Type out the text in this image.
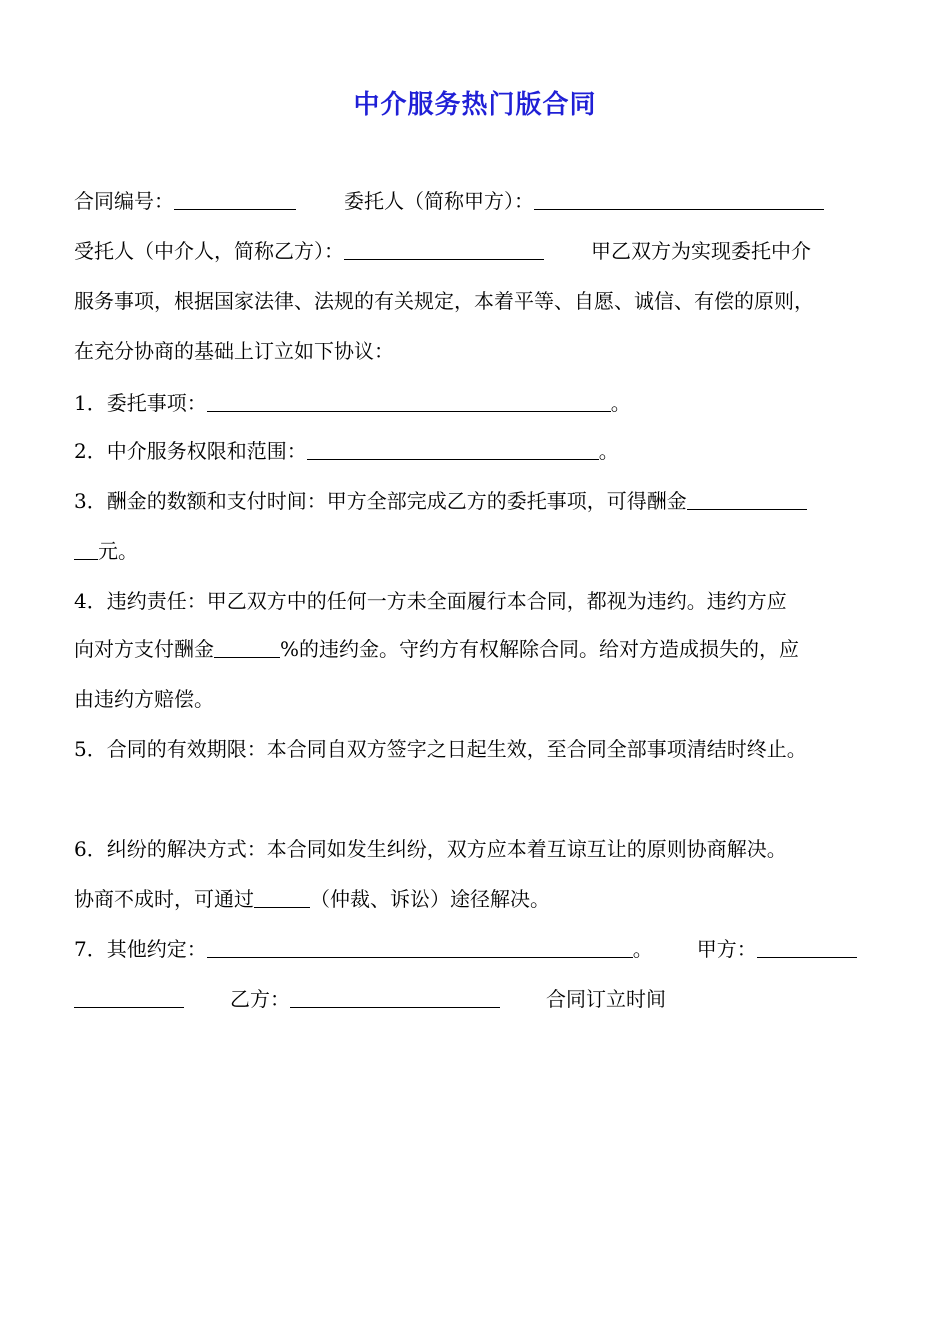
中介服务热门版合同
合同编号：	委托人（简称甲方）：
受托人（中介人，简称乙方）：	甲乙双方为实现委托中介
服务事项，根据国家法律、法规的有关规定，本着平等、自愿、诚信、有偿的原则，
在充分协商的基础上订立如下协议：
1．委托事项：	。
2．中介服务权限和范围：	。
3．酬金的数额和支付时间：甲方全部完成乙方的委托事项，可得酬金
元。
4．违约责任：甲乙双方中的任何一方未全面履行本合同，都视为违约。违约方应
向对方支付酬金	%的违约金。守约方有权解除合同。给对方造成损失的，应
由违约方赔偿。
5．合同的有效期限：本合同自双方签字之日起生效，至合同全部事项清结时终止。
6．纠纷的解决方式：本合同如发生纠纷，双方应本着互谅互让的原则协商解决。
协商不成时，可通过	（仲裁、诉讼）途径解决。
7．其他约定：	。 甲方：
乙方：	合同订立时间
